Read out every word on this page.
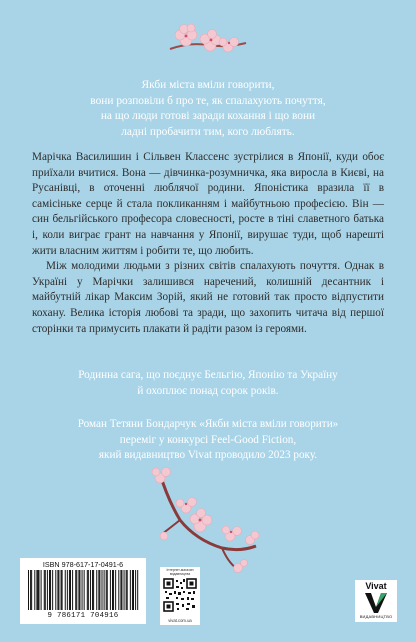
Якби міста вміли говорити,
вони розповіли б про те, як спалахують почуття,
на що люди готові заради кохання і що вони
ладні пробачити тим, кого люблять.

Марічка Василишин і Сільвен Классенс зустрілися в Японії, куди обоє приїхали вчитися. Вона — дівчинка-розумничка, яка виросла в Києві, на Русанівці, в оточенні люблячої родини. Японістика вразила її в самісіньке серце й стала покликанням і майбутньою професією. Він — син бельгійського професора словесності, росте в тіні славетного батька і, коли виграє грант на навчання у Японії, вирушає туди, щоб нарешті жити власним життям і робити те, що любить.

Між молодими людьми з різних світів спалахують почуття. Однак в Україні у Марічки залишився наречений, колишній десантник і майбутній лікар Максим Зорій, який не готовий так просто відпустити кохану. Велика історія любові та зради, що захопить читача від першої сторінки та примусить плакати й радіти разом із героями.

Родинна сага, що поєднує Бельгію, Японію та Україну
й охоплює понад сорок років.
Роман Тетяни Бондарчук «Якби міста вміли говорити»
переміг у конкурсі Feel-Good Fiction,
який видавництво Vivat проводило 2023 року.
ISBN 978-617-17-0491-6
9 786171 704916
Інтернет-магазин видавництва
vivat.com.ua
Vivat
ВИДАВНИЦТВО
